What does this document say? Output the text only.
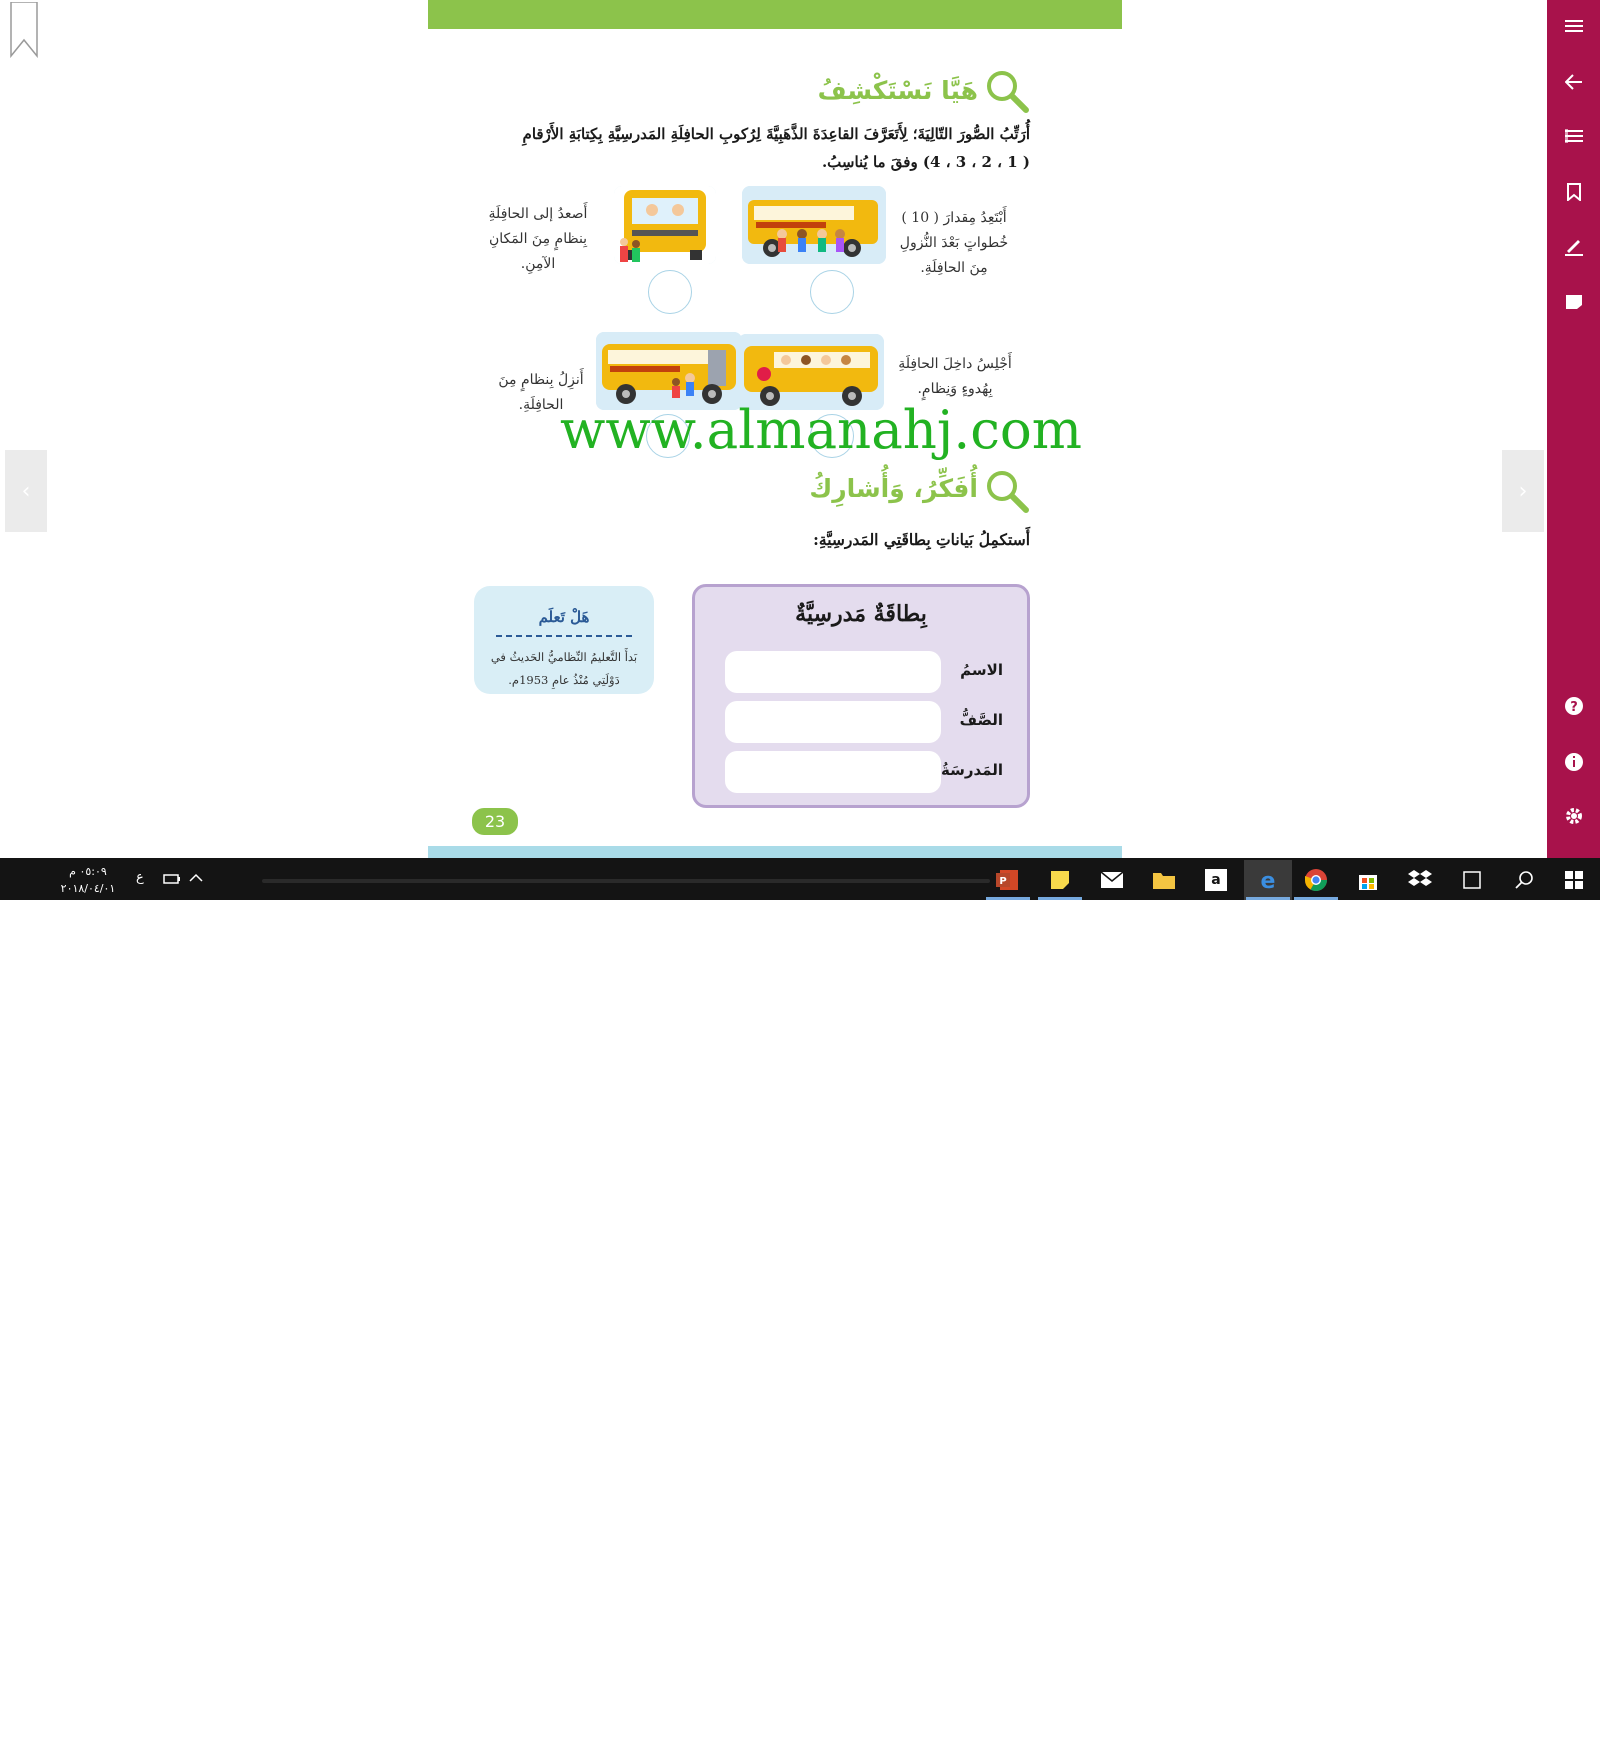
‹	›
هَيَّا نَسْتَكْشِفُ
أُرَتِّبُ الصُّورَ التّالِيَةَ؛ لِأَتَعَرَّفَ القاعِدَةَ الذَّهَبِيَّةَ لِرُكوبِ الحافِلَةِ المَدرسِيَّةِ بِكِتابَةِ الأَرْقامِ
( 1 ، 2 ، 3 ، 4) وفقَ ما يُناسِبُ.
أَبْتَعِدُ مِقدارَ ( 10 ) خُطواتٍ بَعْدَ النُّزولِ مِنَ الحافِلَةِ.
أَصعدُ إلى الحافِلَةِ بِنظامٍ مِنَ المَكانِ الآمِنِ.
أَجْلِسُ داخِلَ الحافِلَةِ بِهُدوءٍ وَنِظامٍ.
أَنزِلُ بِنظامٍ مِنَ الحافِلَةِ.
www.almanahj.com
أُفَكِّرُ، وَأُشارِكُ
أَستكمِلُ بَياناتِ بِطاقَتِي المَدرسِيَّةِ:
بِطاقَةٌ مَدرسِيَّةٌ
الاسمُ
الصَّفُّ
المَدرسَةُ
هَلْ تَعلَم
بَدأَ التَّعليمُ النِّظاميُّ الحَديثُ في
دَوْلَتِي مُنْذُ عامِ 1953م.
23
?
٠٥:٠٩ م
٢٠١٨/٠٤/٠١
ع	P	a e
